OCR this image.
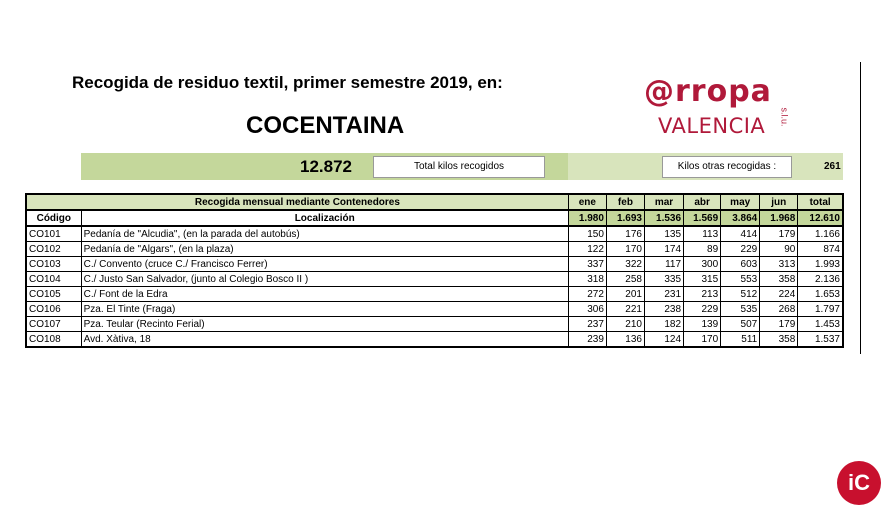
Recogida de residuo textil, primer semestre 2019, en:
COCENTAINA
@rropa
VALENCIA s.l.u.
12.872	Total kilos recogidos	Kilos otras recogidas :	261
Recogida mensual mediante Contenedores		ene	feb	mar	abr	may	jun	total
Código	Localización	1.980	1.693	1.536	1.569	3.864	1.968	12.610
CO101	Pedanía de "Alcudia", (en la parada del autobús)	150	176	135	113	414	179	1.166
CO102	Pedanía de "Algars", (en la plaza)	122	170	174	89	229	90	874
CO103	C./ Convento (cruce C./ Francisco Ferrer)	337	322	117	300	603	313	1.993
CO104	C./ Justo San Salvador, (junto al Colegio Bosco II )	318	258	335	315	553	358	2.136
CO105	C./ Font de la Edra	272	201	231	213	512	224	1.653
CO106	Pza. El Tinte (Fraga)	306	221	238	229	535	268	1.797
CO107	Pza. Teular (Recinto Ferial)	237	210	182	139	507	179	1.453
CO108	Avd. Xàtiva, 18	239	136	124	170	511	358	1.537
iC
